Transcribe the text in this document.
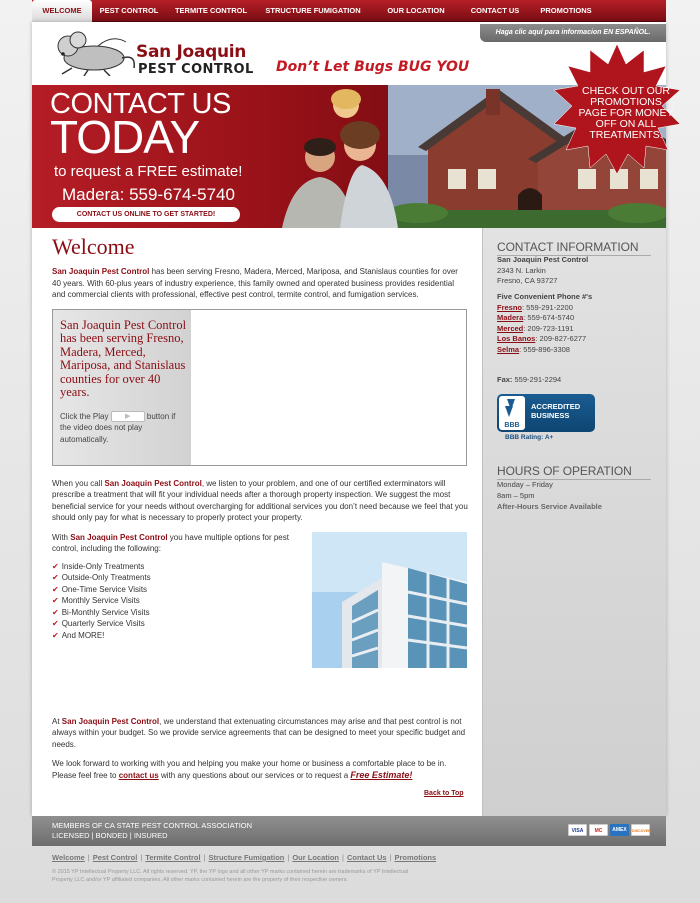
WELCOME	PEST CONTROL	TERMITE CONTROL	STRUCTURE FUMIGATION	OUR LOCATION	CONTACT US	PROMOTIONS
San Joaquin
PEST CONTROL Don’t Let Bugs BUG YOU
Haga clic aquí para informacion EN ESPAÑOL.
CONTACT US
TODAY
to request a FREE estimate!
Madera: 559-674-5740
CONTACT US ONLINE TO GET STARTED!
CHECK OUT OUR PROMOTIONS PAGE FOR MONEY OFF ON ALL TREATMENTS.
Welcome

San Joaquin Pest Control has been serving Fresno, Madera, Merced, Mariposa, and Stanislaus counties for over 40 years. With 60-plus years of industry experience, this family owned and operated business provides residential and commercial clients with professional, effective pest control, termite control, and fumigation services.

San Joaquin Pest Control has been serving Fresno, Madera, Merced, Mariposa, and Stanislaus counties for over 40 years.
Click the Play ▶ button if the video does not play automatically.

When you call San Joaquin Pest Control, we listen to your problem, and one of our certified exterminators will prescribe a treatment that will fit your individual needs after a thorough property inspection. We suggest the most beneficial service for your needs without overcharging for additional services you don’t need because we feel that you should only pay for what is necessary to properly protect your property.

With San Joaquin Pest Control you have multiple options for pest control, including the following:

✔ Inside-Only Treatments
✔ Outside-Only Treatments
✔ One-Time Service Visits
✔ Monthly Service Visits
✔ Bi-Monthly Service Visits
✔ Quarterly Service Visits
✔ And MORE!

At San Joaquin Pest Control, we understand that extenuating circumstances may arise and that pest control is not always within your budget. So we provide service agreements that can be designed to meet your specific budget and needs.

We look forward to working with you and helping you make your home or business a comfortable place to be in. Please feel free to contact us with any questions about our services or to request a Free Estimate!

Back to Top
CONTACT INFORMATION
San Joaquin Pest Control
2343 N. Larkin
Fresno, CA 93727
Five Convenient Phone #'s
Fresno: 559-291-2200
Madera: 559-674-5740
Merced: 209-723-1191
Los Banos: 209-827-6277
Selma: 559-896-3308
Fax: 559-291-2294
BBB
ACCREDITED
BUSINESS
BBB Rating: A+
HOURS OF OPERATION
Monday – Friday
8am – 5pm
After-Hours Service Available
MEMBERS OF CA STATE PEST CONTROL ASSOCIATION
LICENSED | BONDED | INSURED	VISA	MC	AMEX	DISCOVER
Welcome | Pest Control | Termite Control | Structure Fumigation | Our Location | Contact Us | Promotions
© 2015 YP Intellectual Property LLC. All rights reserved. YP, the YP logo and all other YP marks contained herein are trademarks of YP Intellectual Property LLC and/or YP affiliated companies. All other marks contained herein are the property of their respective owners.
